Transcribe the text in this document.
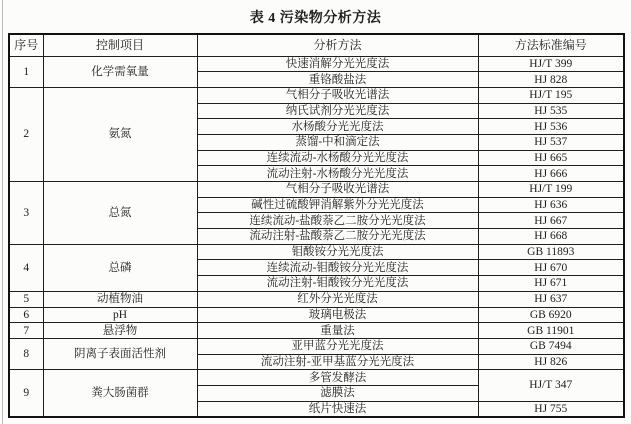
表 4 污染物分析方法
序号	控制项目	分析方法	方法标准编号
1	化学需氧量	快速消解分光光度法	HJ/T 399
		重铬酸盐法	HJ 828
2	氨氮	气相分子吸收光谱法	HJ/T 195
		纳氏试剂分光光度法	HJ 535
		水杨酸分光光度法	HJ 536
		蒸馏-中和滴定法	HJ 537
		连续流动-水杨酸分光光度法	HJ 665
		流动注射-水杨酸分光光度法	HJ 666
3	总氮	气相分子吸收光谱法	HJ/T 199
		碱性过硫酸钾消解紫外分光光度法	HJ 636
		连续流动-盐酸萘乙二胺分光光度法	HJ 667
		流动注射-盐酸萘乙二胺分光光度法	HJ 668
4	总磷	钼酸铵分光光度法	GB 11893
		连续流动-钼酸铵分光光度法	HJ 670
		流动注射-钼酸铵分光光度法	HJ 671
5	动植物油	红外分光光度法	HJ 637
6	pH	玻璃电极法	GB 6920
7	悬浮物	重量法	GB 11901
8	阴离子表面活性剂	亚甲蓝分光光度法	GB 7494
		流动注射-亚甲基蓝分光光度法	HJ 826
9	粪大肠菌群	多管发酵法	HJ/T 347
		滤膜法	
		纸片快速法	HJ 755
